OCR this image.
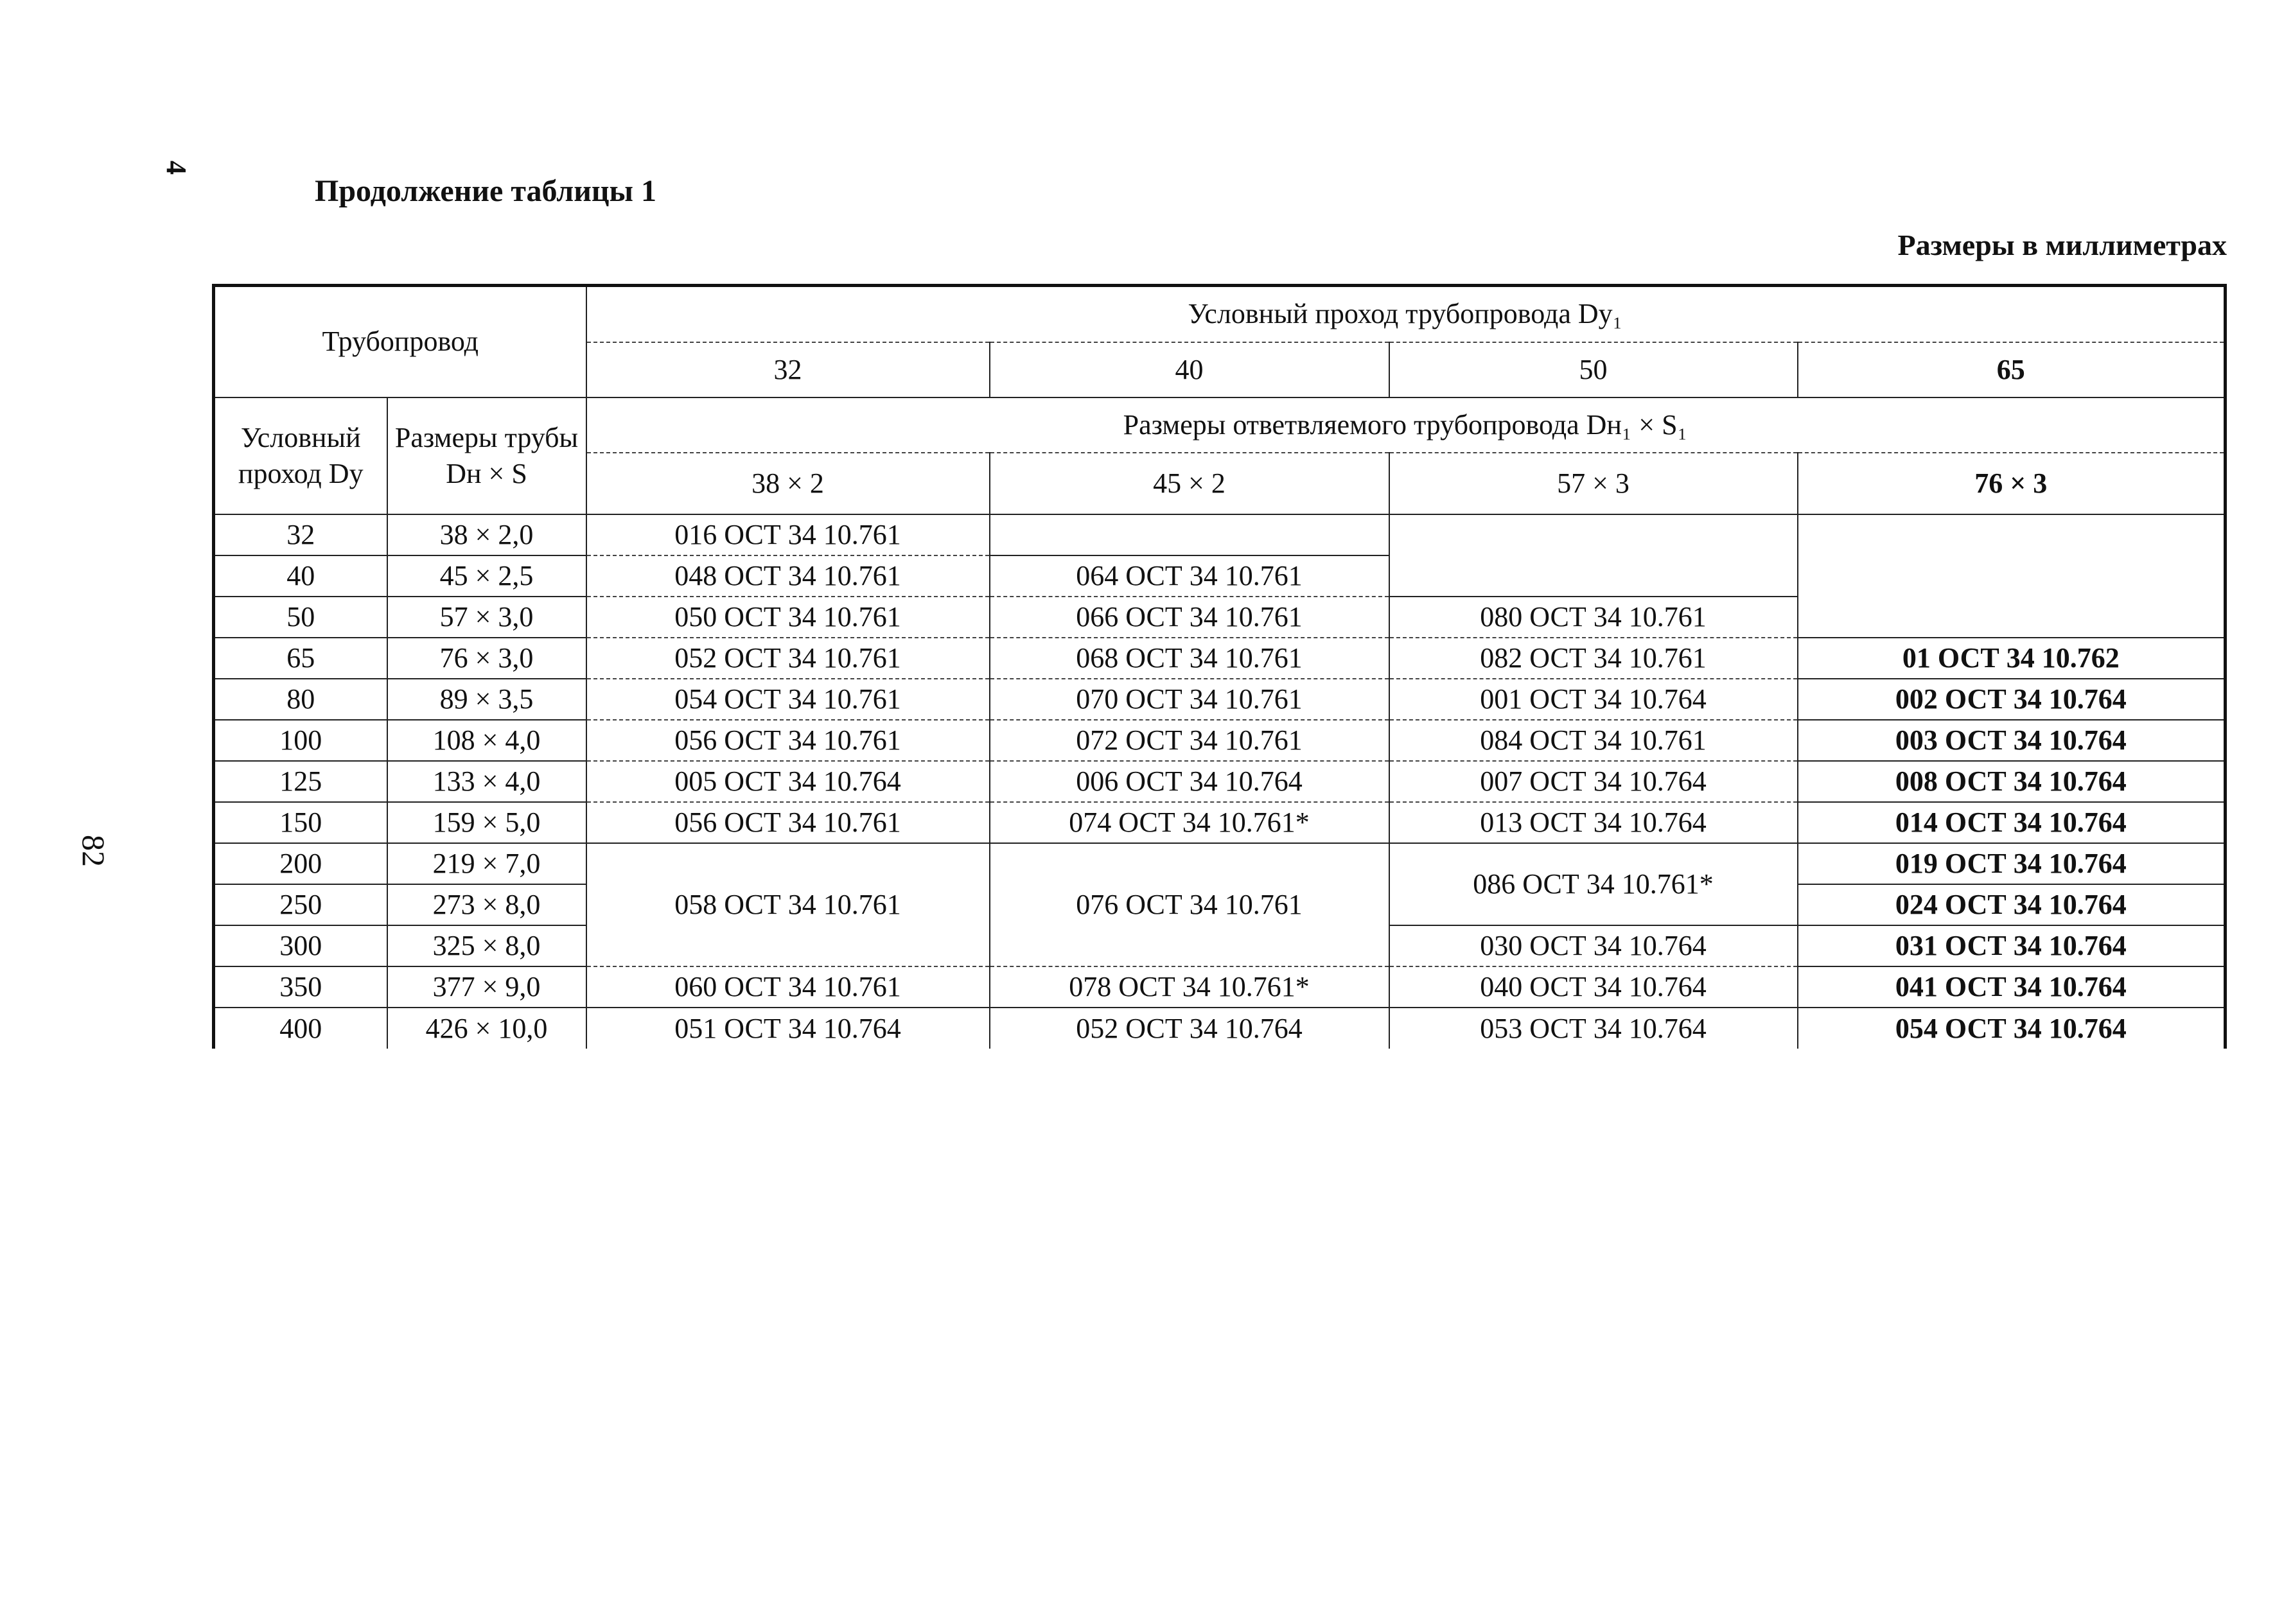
4
82
Продолжение таблицы 1
Размеры в миллиметрах
Трубопровод		Условный проход трубопровода Dy₁			
		32	40	50	65
Условный проход Dy	Размеры трубы Dн × S	Размеры ответвляемого трубопровода Dн₁ × S₁			
		38 × 2	45 × 2	57 × 3	76 × 3
32	38 × 2,0	016 ОСТ 34 10.761			
40	45 × 2,5	048 ОСТ 34 10.761	064 ОСТ 34 10.761		
50	57 × 3,0	050 ОСТ 34 10.761	066 ОСТ 34 10.761	080 ОСТ 34 10.761	
65	76 × 3,0	052 ОСТ 34 10.761	068 ОСТ 34 10.761	082 ОСТ 34 10.761	01 ОСТ 34 10.762
80	89 × 3,5	054 ОСТ 34 10.761	070 ОСТ 34 10.761	001 ОСТ 34 10.764	002 ОСТ 34 10.764
100	108 × 4,0	056 ОСТ 34 10.761	072 ОСТ 34 10.761	084 ОСТ 34 10.761	003 ОСТ 34 10.764
125	133 × 4,0	005 ОСТ 34 10.764	006 ОСТ 34 10.764	007 ОСТ 34 10.764	008 ОСТ 34 10.764
150	159 × 5,0	056 ОСТ 34 10.761	074 ОСТ 34 10.761*	013 ОСТ 34 10.764	014 ОСТ 34 10.764
200	219 × 7,0	058 ОСТ 34 10.761	076 ОСТ 34 10.761	086 ОСТ 34 10.761*	019 ОСТ 34 10.764
250	273 × 8,0				024 ОСТ 34 10.764
300	325 × 8,0			030 ОСТ 34 10.764	031 ОСТ 34 10.764
350	377 × 9,0	060 ОСТ 34 10.761	078 ОСТ 34 10.761*	040 ОСТ 34 10.764	041 ОСТ 34 10.764
400	426 × 10,0	051 ОСТ 34 10.764	052 ОСТ 34 10.764	053 ОСТ 34 10.764	054 ОСТ 34 10.764
